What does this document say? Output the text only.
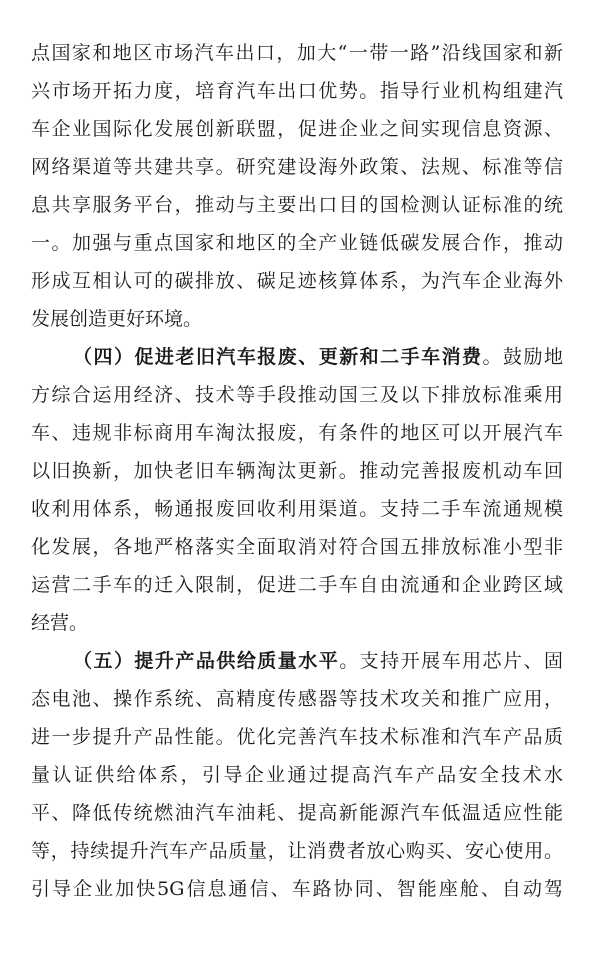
点国家和地区市场汽车出口，加大“一带一路”沿线国家和新
兴市场开拓力度，培育汽车出口优势。指导行业机构组建汽
车企业国际化发展创新联盟，促进企业之间实现信息资源、
网络渠道等共建共享。研究建设海外政策、法规、标准等信
息共享服务平台，推动与主要出口目的国检测认证标准的统
一。加强与重点国家和地区的全产业链低碳发展合作，推动
形成互相认可的碳排放、碳足迹核算体系，为汽车企业海外
发展创造更好环境。
（四）促进老旧汽车报废、更新和二手车消费。鼓励地
方综合运用经济、技术等手段推动国三及以下排放标准乘用
车、违规非标商用车淘汰报废，有条件的地区可以开展汽车
以旧换新，加快老旧车辆淘汰更新。推动完善报废机动车回
收利用体系，畅通报废回收利用渠道。支持二手车流通规模
化发展，各地严格落实全面取消对符合国五排放标准小型非
运营二手车的迁入限制，促进二手车自由流通和企业跨区域
经营。
（五）提升产品供给质量水平。支持开展车用芯片、固
态电池、操作系统、高精度传感器等技术攻关和推广应用，
进一步提升产品性能。优化完善汽车技术标准和汽车产品质
量认证供给体系，引导企业通过提高汽车产品安全技术水
平、降低传统燃油汽车油耗、提高新能源汽车低温适应性能
等，持续提升汽车产品质量，让消费者放心购买、安心使用。
引导企业加快5G信息通信、车路协同、智能座舱、自动驾
